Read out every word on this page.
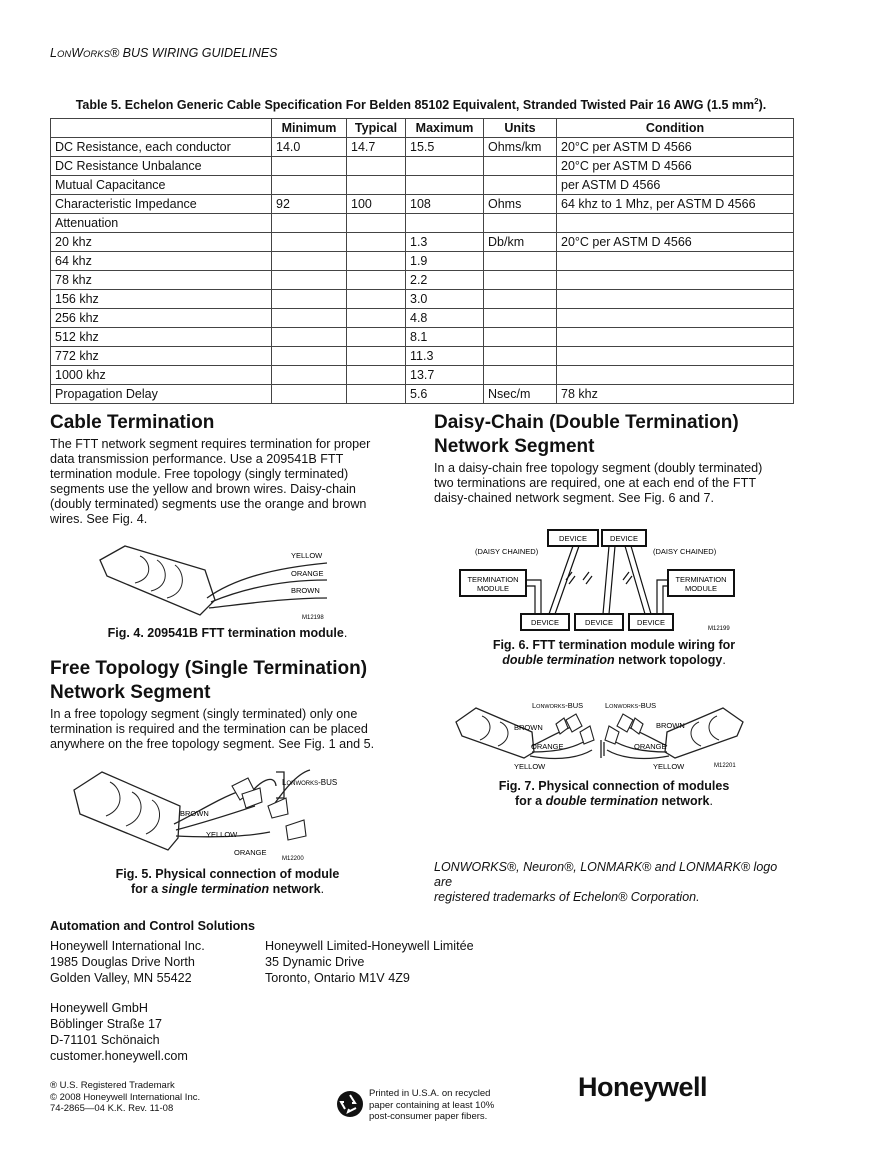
LONWORKS® BUS WIRING GUIDELINES
Table 5. Echelon Generic Cable Specification For Belden 85102 Equivalent, Stranded Twisted Pair 16 AWG (1.5 $mm^2$).
	Minimum	Typical	Maximum	Units	Condition
DC Resistance, each conductor	14.0	14.7	15.5	Ohms/km	20°C per ASTM D 4566
DC Resistance Unbalance					20°C per ASTM D 4566
Mutual Capacitance					per ASTM D 4566
Characteristic Impedance	92	100	108	Ohms	64 khz to 1 Mhz, per ASTM D 4566
Attenuation					
20 khz			1.3	Db/km	20°C per ASTM D 4566
64 khz			1.9		
78 khz			2.2		
156 khz			3.0		
256 khz			4.8		
512 khz			8.1		
772 khz			11.3		
1000 khz			13.7		
Propagation Delay			5.6	Nsec/m	78 khz
Cable Termination
The FTT network segment requires termination for proper data transmission performance. Use a 209541B FTT termination module. Free topology (singly terminated) segments use the yellow and brown wires. Daisy-chain (doubly terminated) segments use the orange and brown wires. See Fig. 4.
YELLOW
ORANGE
BROWN
M12198
Fig. 4. 209541B FTT termination module.
Free Topology (Single Termination)
Network Segment
In a free topology segment (singly terminated) only one termination is required and the termination can be placed anywhere on the free topology segment. See Fig. 1 and 5.
LONWORKS-BUS
BROWN
YELLOW
ORANGE
M12200
Fig. 5. Physical connection of module
for a single termination network.
Daisy-Chain (Double Termination)
Network Segment
In a daisy-chain free topology segment (doubly terminated) two terminations are required, one at each end of the FTT daisy-chained network segment. See Fig. 6 and 7.
DEVICE	DEVICE
(DAISY CHAINED)	(DAISY CHAINED)
TERMINATION
MODULE
TERMINATION
MODULE
DEVICE	DEVICE	DEVICE
M12199
Fig. 6. FTT termination module wiring for
double termination network topology.
LONWORKS-BUS	LONWORKS-BUS
BROWN	BROWN
ORANGE	ORANGE
YELLOW	YELLOW	M12201
Fig. 7. Physical connection of modules
for a double termination network.
LONWORKS®, Neuron®, LONMARK® and LONMARK® logo are
registered trademarks of Echelon® Corporation.
Automation and Control Solutions
Honeywell International Inc.
1985 Douglas Drive North
Golden Valley, MN 55422
Honeywell Limited-Honeywell Limitée
35 Dynamic Drive
Toronto, Ontario M1V 4Z9
Honeywell GmbH
Böblinger Straße 17
D-71101 Schönaich
customer.honeywell.com
® U.S. Registered Trademark
© 2008 Honeywell International Inc.
74-2865—04 K.K. Rev. 11-08
Printed in U.S.A. on recycled
paper containing at least 10%
post-consumer paper fibers.
Honeywell
